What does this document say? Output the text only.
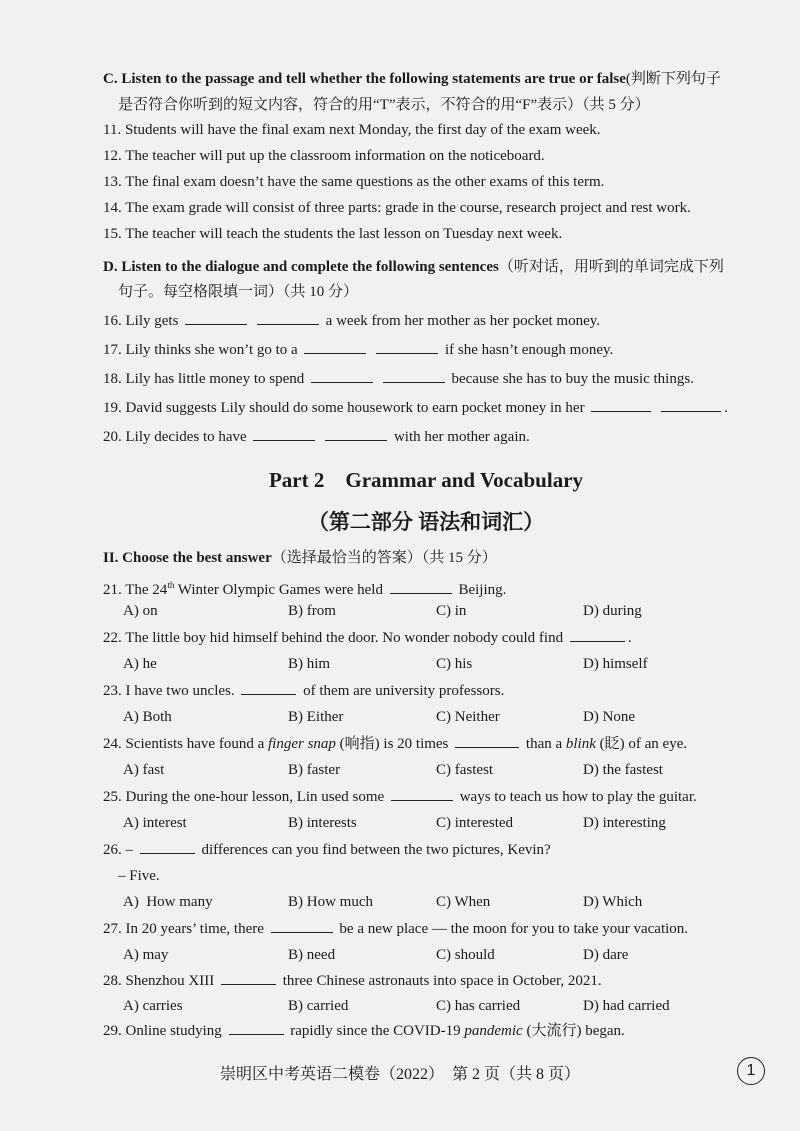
C. Listen to the passage and tell whether the following statements are true or false(判断下列句子
是否符合你听到的短文内容，符合的用“T”表示，不符合的用“F”表示）（共 5 分）
11. Students will have the final exam next Monday, the first day of the exam week.
12. The teacher will put up the classroom information on the noticeboard.
13. The final exam doesn’t have the same questions as the other exams of this term.
14. The exam grade will consist of three parts: grade in the course, research project and rest work.
15. The teacher will teach the students the last lesson on Tuesday next week.
D. Listen to the dialogue and complete the following sentences（听对话，用听到的单词完成下列
句子。每空格限填一词）（共 10 分）
16. Lily gets	a week from her mother as her pocket money.
17. Lily thinks she won’t go to a	if she hasn’t enough money.
18. Lily has little money to spend	because she has to buy the music things.
19. David suggests Lily should do some housework to earn pocket money in her	.
20. Lily decides to have	with her mother again.
Part 2    Grammar and Vocabulary
（第二部分 语法和词汇）
II. Choose the best answer（选择最恰当的答案）（共 15 分）
21. The 24th Winter Olympic Games were held	Beijing.
A) on	B) from	C) in	D) during
22. The little boy hid himself behind the door. No wonder nobody could find	.
A) he	B) him	C) his	D) himself
23. I have two uncles.	of them are university professors.
A) Both	B) Either	C) Neither	D) None
24. Scientists have found a finger snap (响指) is 20 times	than a blink (眨) of an eye.
A) fast	B) faster	C) fastest	D) the fastest
25. During the one-hour lesson, Lin used some	ways to teach us how to play the guitar.
A) interest	B) interests	C) interested	D) interesting
26. –	differences can you find between the two pictures, Kevin?
– Five.
A)  How many	B) How much	C) When	D) Which
27. In 20 years’ time, there	be a new place — the moon for you to take your vacation.
A) may	B) need	C) should	D) dare
28. Shenzhou XIII	three Chinese astronauts into space in October, 2021.
A) carries	B) carried	C) has carried	D) had carried
29. Online studying	rapidly since the COVID-19 pandemic (大流行) began.
崇明区中考英语二模卷（2022）  第 2 页（共 8 页）	1
